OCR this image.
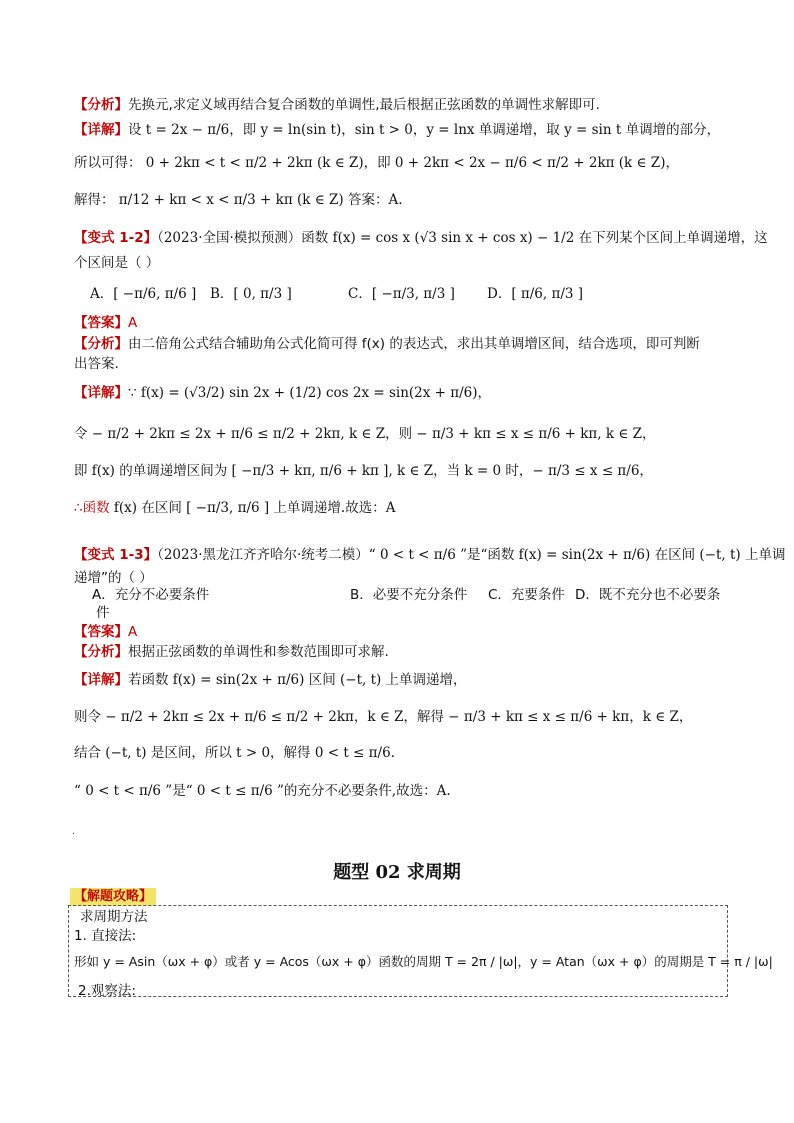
【分析】先换元,求定义域再结合复合函数的单调性,最后根据正弦函数的单调性求解即可.
【详解】设 t = 2x − π/6，即 y = ln(sin t)，sin t > 0，y = lnx 单调递增，取 y = sin t 单调增的部分，
所以可得： 0 + 2kπ < t < π/2 + 2kπ (k ∈ Z)，即 0 + 2kπ < 2x − π/6 < π/2 + 2kπ (k ∈ Z)，
解得： π/12 + kπ < x < π/3 + kπ (k ∈ Z) 答案：A.
【变式 1-2】（2023·全国·模拟预测）函数 f(x) = cos x (√3 sin x + cos x) − 1/2 在下列某个区间上单调递增，这
个区间是（ ）
A．[ −π/6, π/6 ] B．[ 0, π/3 ]	C．[ −π/3, π/3 ] D．[ π/6, π/3 ]
【答案】A
【分析】由二倍角公式结合辅助角公式化简可得 f(x) 的表达式，求出其单调增区间，结合选项，即可判断
出答案.
【详解】∵ f(x) = (√3/2) sin 2x + (1/2) cos 2x = sin(2x + π/6)，
令 − π/2 + 2kπ ≤ 2x + π/6 ≤ π/2 + 2kπ, k ∈ Z，则 − π/3 + kπ ≤ x ≤ π/6 + kπ, k ∈ Z，
即 f(x) 的单调递增区间为 [ −π/3 + kπ, π/6 + kπ ], k ∈ Z，当 k = 0 时，− π/3 ≤ x ≤ π/6，
∴函数 f(x) 在区间 [ −π/3, π/6 ] 上单调递增.故选：A
【变式 1-3】（2023·黑龙江齐齐哈尔·统考二模）“ 0 < t < π/6 ”是“函数 f(x) = sin(2x + π/6) 在区间 (−t, t) 上单调
递增”的（ ）
A．充分不必要条件	B．必要不充分条件 C．充要条件 D．既不充分也不必要条
件
【答案】A
【分析】根据正弦函数的单调性和参数范围即可求解.
【详解】若函数 f(x) = sin(2x + π/6) 区间 (−t, t) 上单调递增，
则令 − π/2 + 2kπ ≤ 2x + π/6 ≤ π/2 + 2kπ，k ∈ Z，解得 − π/3 + kπ ≤ x ≤ π/6 + kπ，k ∈ Z，
结合 (−t, t) 是区间，所以 t > 0，解得 0 < t ≤ π/6.
“ 0 < t < π/6 ”是“ 0 < t ≤ π/6 ”的充分不必要条件,故选：A.
.
题型 02 求周期
【解题攻略】
求周期方法
1. 直接法:
形如 y = Asin（ωx + φ）或者 y = Acos（ωx + φ）函数的周期 T = 2π / |ω|，y = Atan（ωx + φ）的周期是 T = π / |ω|
2.观察法:
